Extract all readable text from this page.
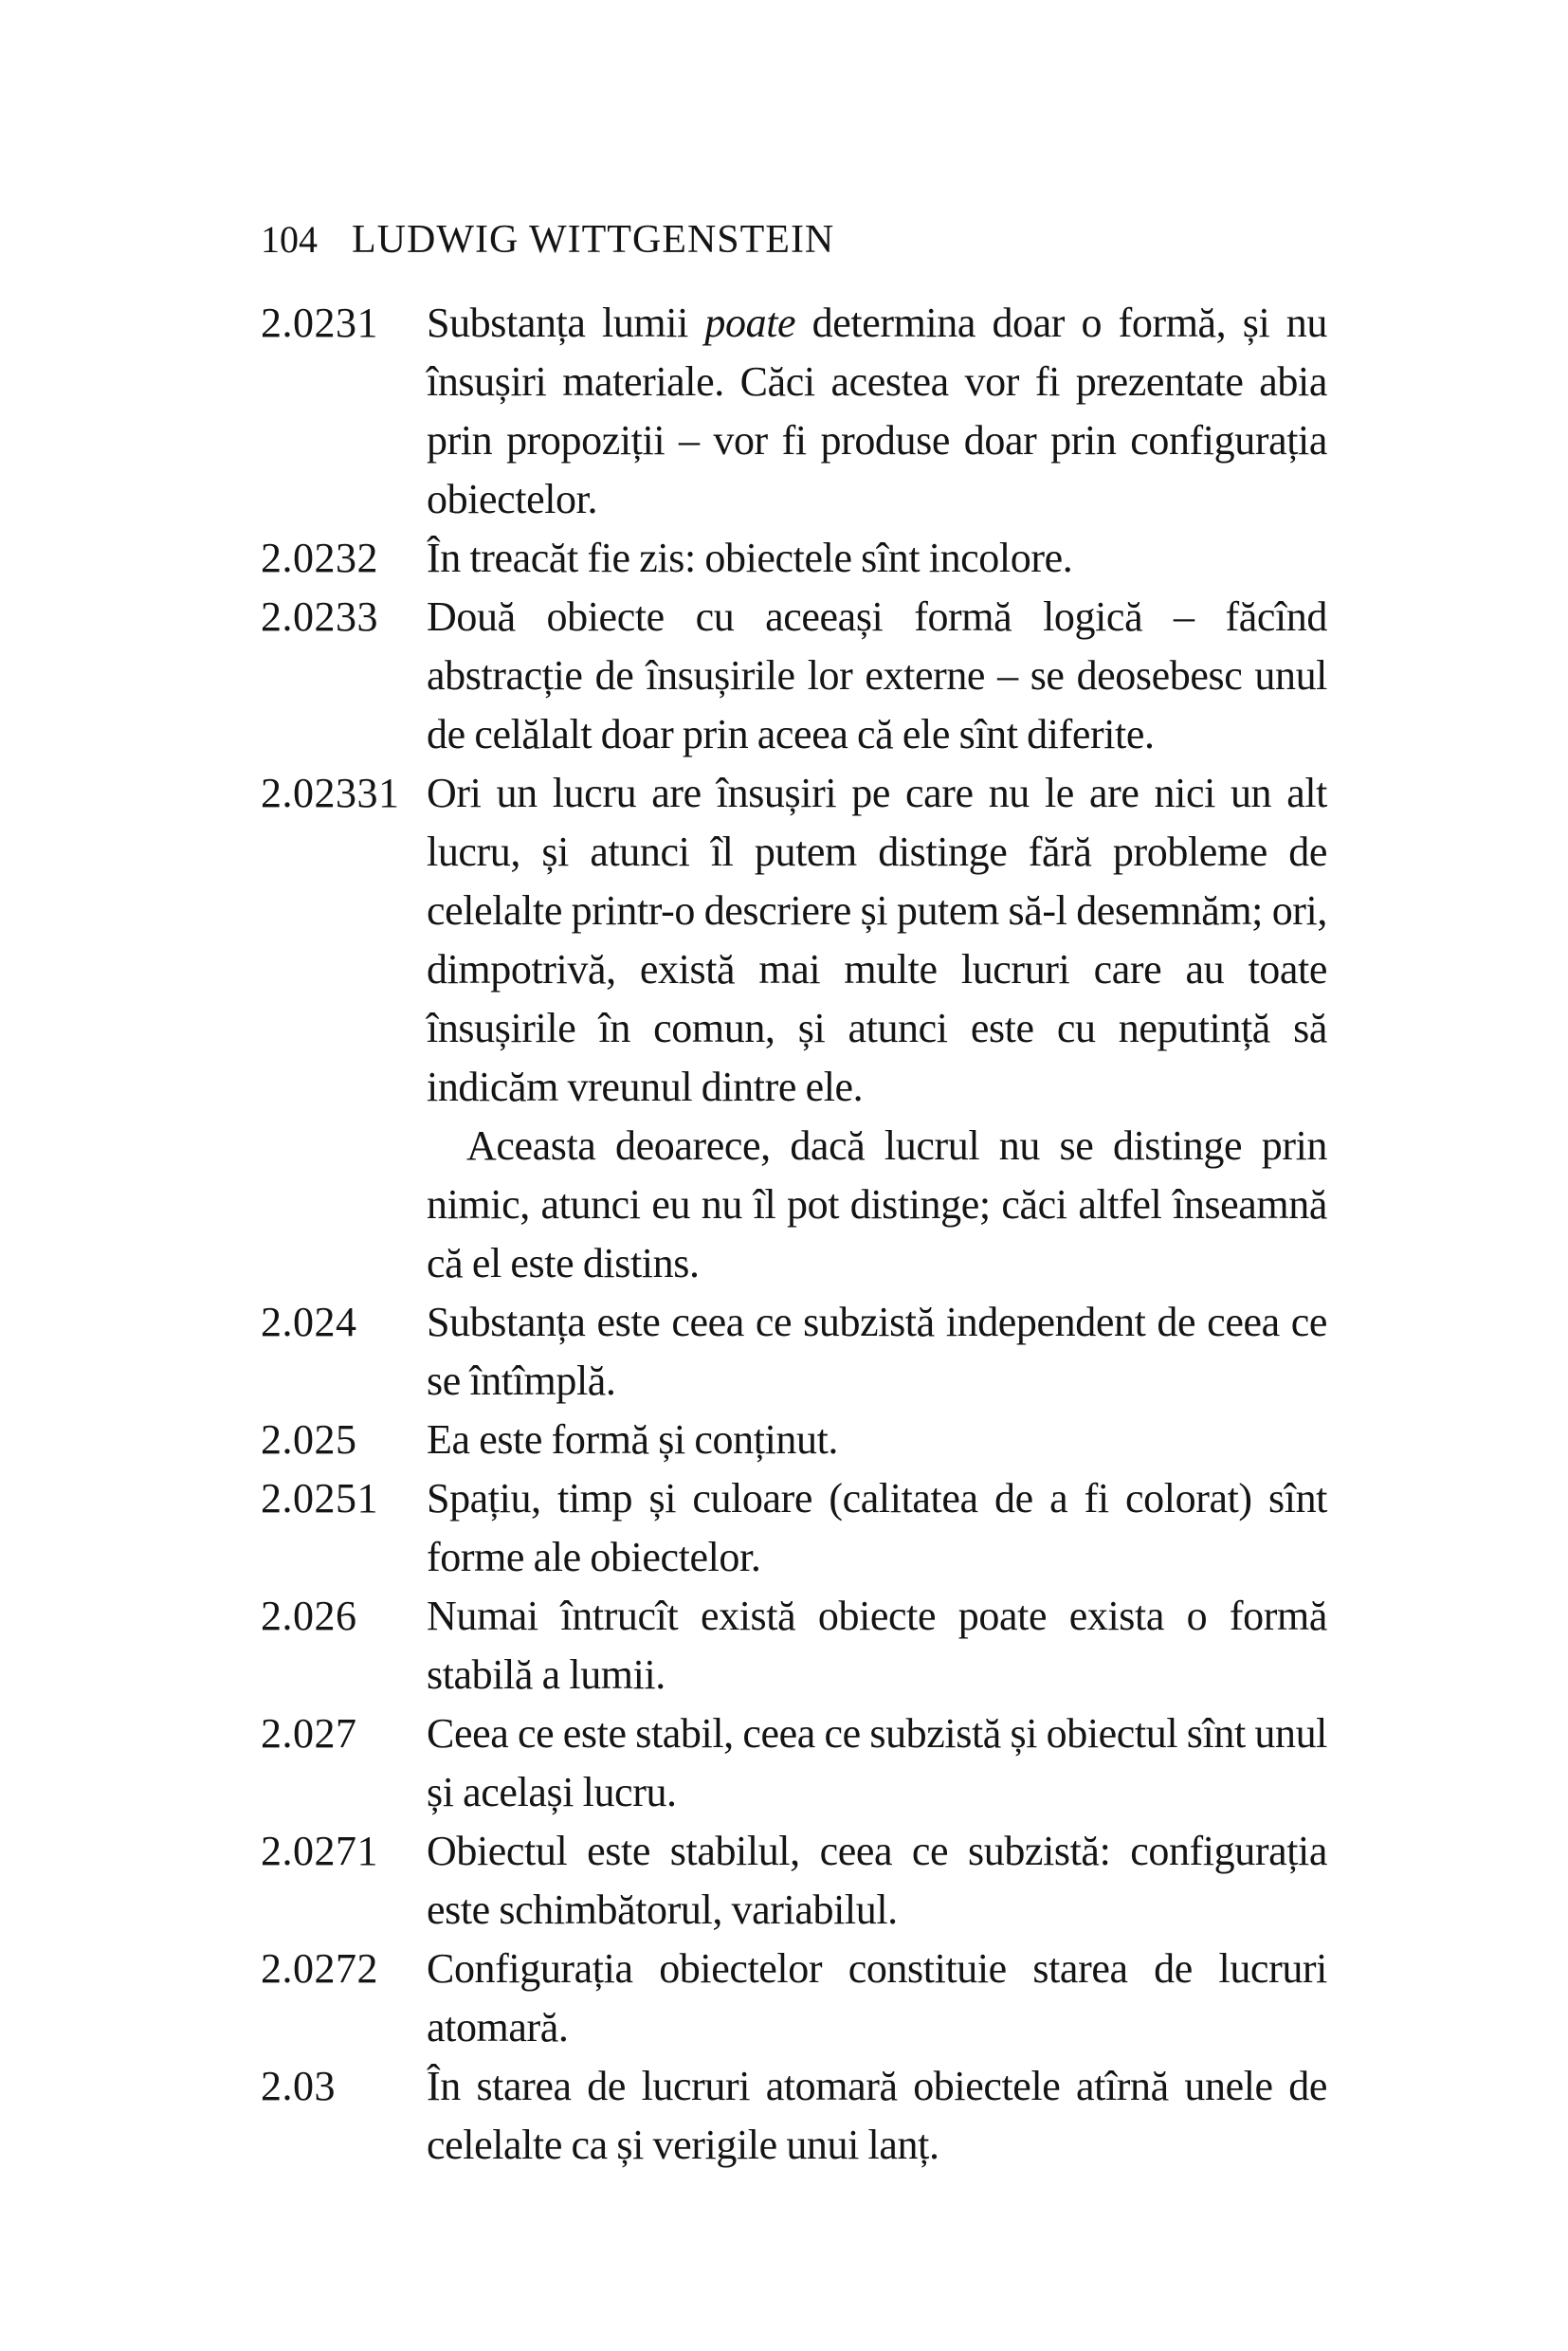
104 LUDWIG WITTGENSTEIN
2.0231	Substanța lumii poate determina doar o formă, și nu însușiri materiale. Căci acestea vor fi prezentate abia prin propoziții – vor fi produse doar prin configurația obiectelor.

2.0232	În treacăt fie zis: obiectele sînt incolore.

2.0233	Două obiecte cu aceeași formă logică – făcînd abstracție de însușirile lor externe – se deosebesc unul de celălalt doar prin aceea că ele sînt diferite.

2.02331 Ori un lucru are însușiri pe care nu le are nici un alt lucru, și atunci îl putem distinge fără probleme de celelalte printr-o descriere și putem să-l desemnăm; ori, dimpotrivă, există mai multe lucruri care au toate însușirile în comun, și atunci este cu neputință să indicăm vreunul dintre ele.

Aceasta deoarece, dacă lucrul nu se distinge prin nimic, atunci eu nu îl pot distinge; căci altfel înseamnă că el este distins.

2.024	Substanța este ceea ce subzistă independent de ceea ce se întîmplă.

2.025	Ea este formă și conținut.

2.0251	Spațiu, timp și culoare (calitatea de a fi colorat) sînt forme ale obiectelor.

2.026	Numai întrucît există obiecte poate exista o formă stabilă a lumii.

2.027	Ceea ce este stabil, ceea ce subzistă și obiectul sînt unul și același lucru.

2.0271	Obiectul este stabilul, ceea ce subzistă: configurația este schimbătorul, variabilul.

2.0272	Configurația obiectelor constituie starea de lucruri atomară.

2.03	În starea de lucruri atomară obiectele atîrnă unele de celelalte ca și verigile unui lanț.
